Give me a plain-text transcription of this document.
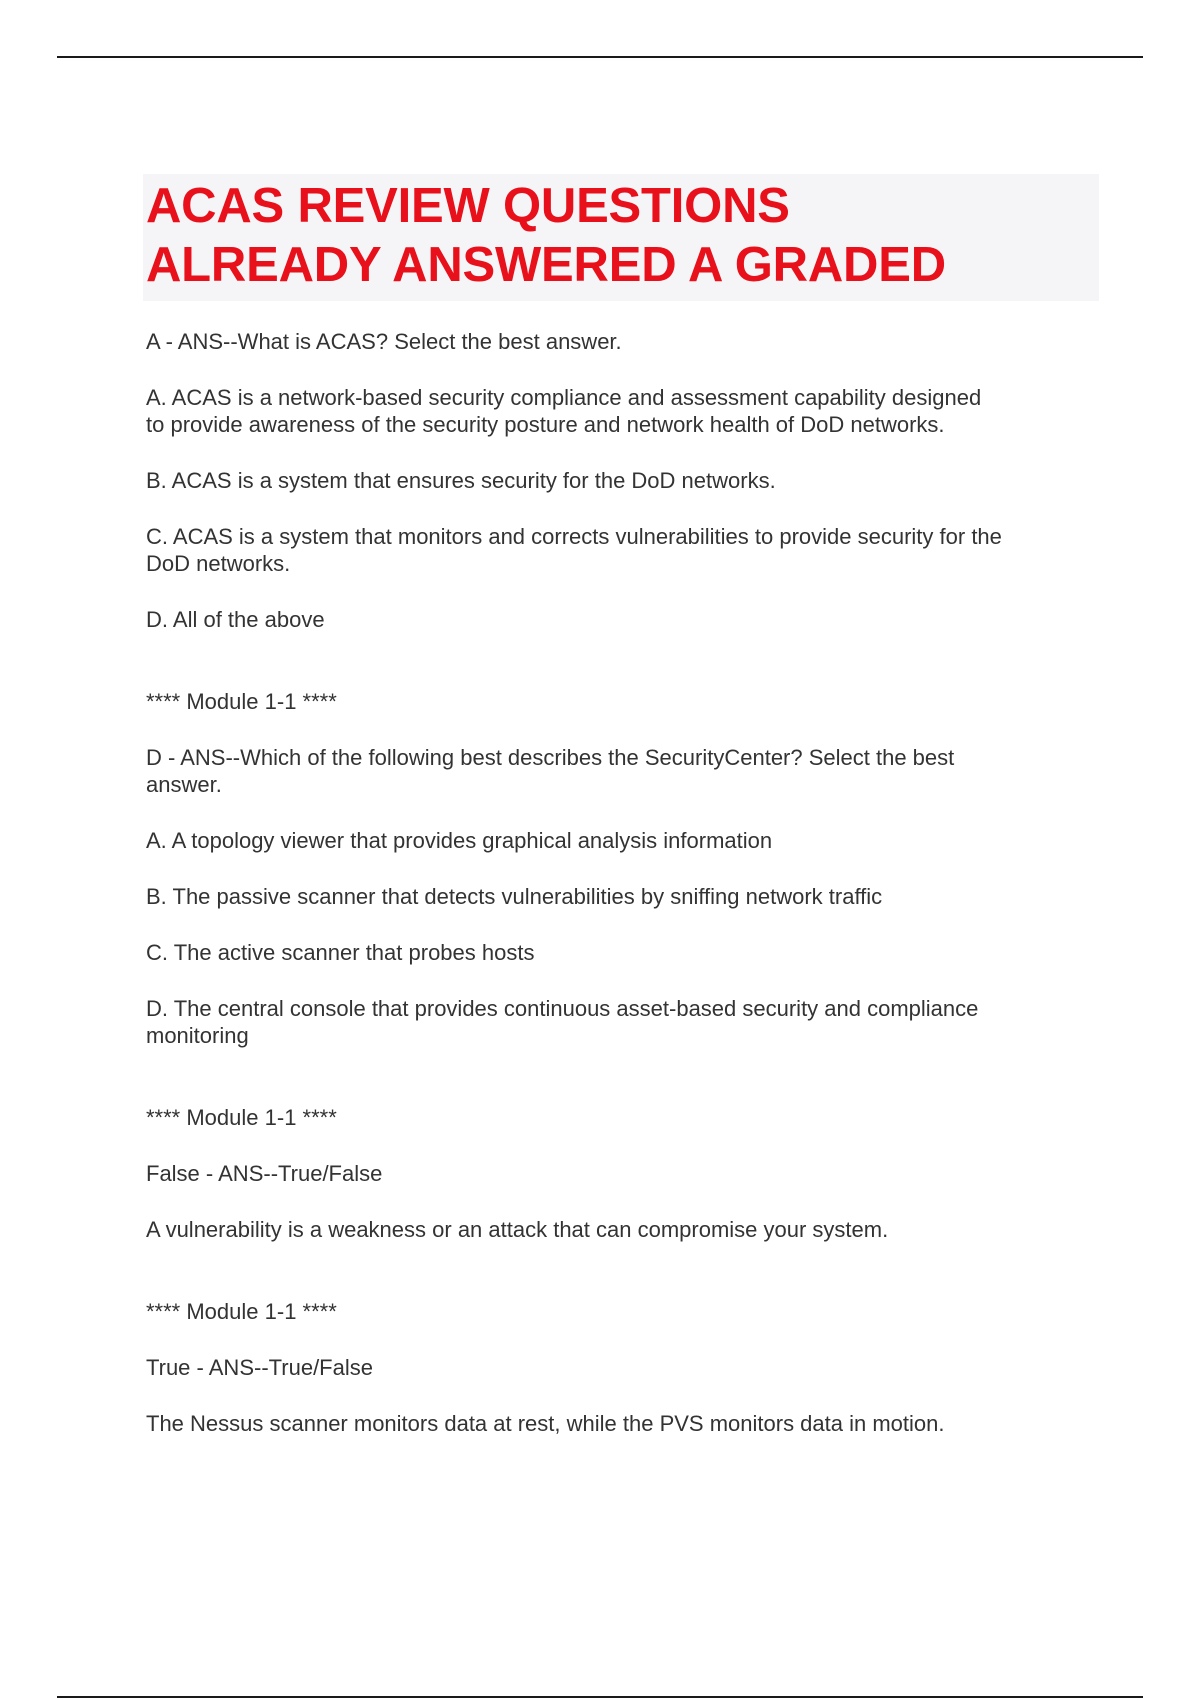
ACAS REVIEW QUESTIONS
ALREADY ANSWERED A GRADED

A - ANS--What is ACAS? Select the best answer.

A. ACAS is a network-based security compliance and assessment capability designed

to provide awareness of the security posture and network health of DoD networks.

B. ACAS is a system that ensures security for the DoD networks.

C. ACAS is a system that monitors and corrects vulnerabilities to provide security for the

DoD networks.

D. All of the above

**** Module 1-1 ****

D - ANS--Which of the following best describes the SecurityCenter? Select the best

answer.

A. A topology viewer that provides graphical analysis information

B. The passive scanner that detects vulnerabilities by sniffing network traffic

C. The active scanner that probes hosts

D. The central console that provides continuous asset-based security and compliance

monitoring

**** Module 1-1 ****

False - ANS--True/False

A vulnerability is a weakness or an attack that can compromise your system.

**** Module 1-1 ****

True - ANS--True/False

The Nessus scanner monitors data at rest, while the PVS monitors data in motion.
